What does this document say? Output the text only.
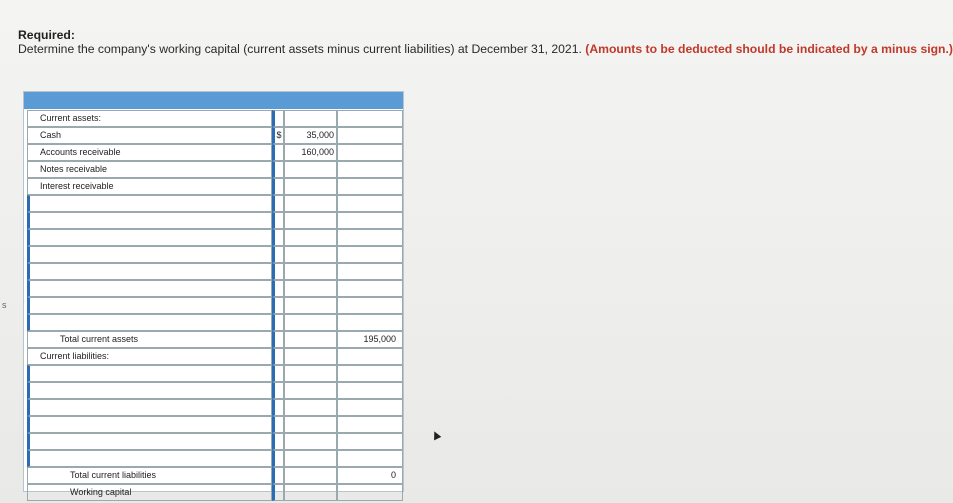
Required:
Determine the company's working capital (current assets minus current liabilities) at December 31, 2021. (Amounts to be deducted should be indicated by a minus sign.)
s
Current assets:
Cash	$	35,000
Accounts receivable	160,000
Notes receivable
Interest receivable
Total current assets	195,000
Current liabilities:
Total current liabilities	0
Working capital
